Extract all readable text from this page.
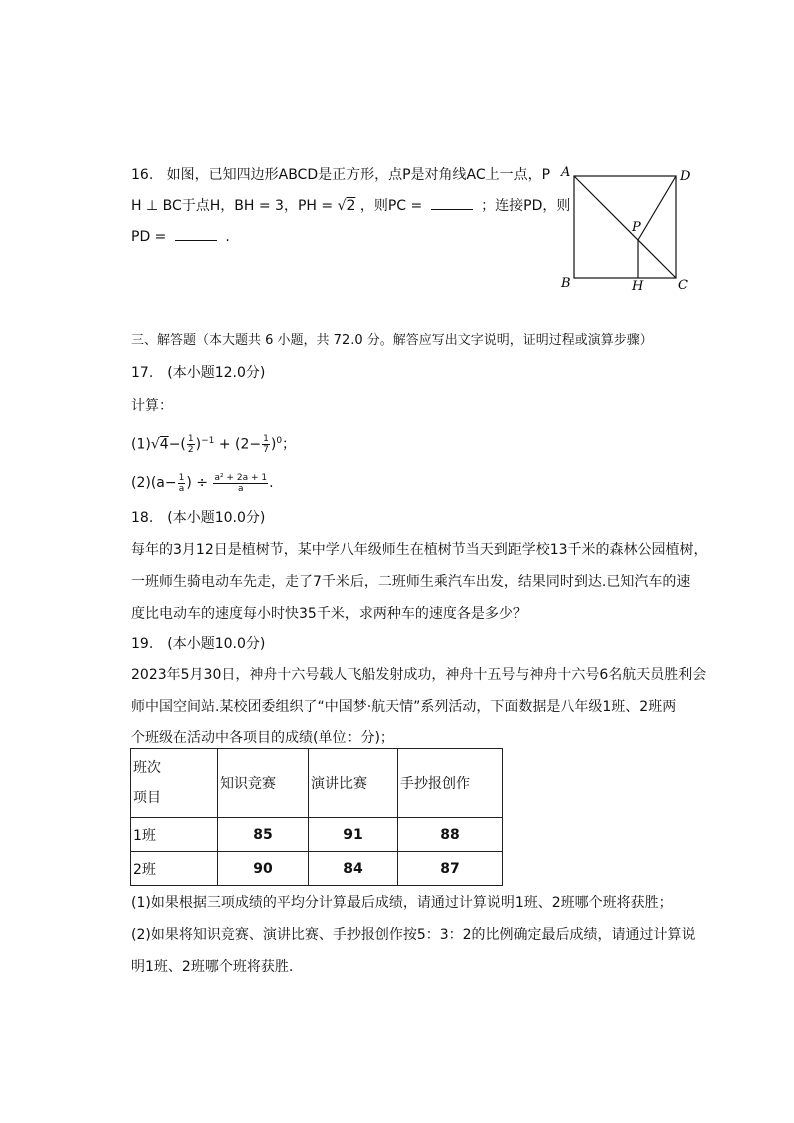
16. 如图，已知四边形ABCD是正方形，点P是对角线AC上一点，P
H ⊥ BC于点H，BH = 3，PH = √2 ，则PC =	；连接PD，则
PD =	.
A	D
P
B	H	C
三、解答题（本大题共 6 小题，共 72.0 分。解答应写出文字说明，证明过程或演算步骤）
17.　(本小题12.0分)
计算：
$(1)√4-( \frac{1}{2} )^{-1} + (2- \frac{1}{7} )^0$；
$(2)(a- \frac{1}{a}$ ) ÷ $\frac{\text{a² + 2a + 1}}{a}$ .
18.　(本小题10.0分)
每年的3月12日是植树节，某中学八年级师生在植树节当天到距学校13千米的森林公园植树，
一班师生骑电动车先走，走了7千米后，二班师生乘汽车出发，结果同时到达.已知汽车的速
度比电动车的速度每小时快35千米，求两种车的速度各是多少？
19.　(本小题10.0分)
2023年5月30日，神舟十六号载人飞船发射成功，神舟十五号与神舟十六号6名航天员胜利会
师中国空间站.某校团委组织了“中国梦·航天情”系列活动，下面数据是八年级1班、2班两
个班级在活动中各项目的成绩(单位：分)；
班次
项目	知识竞赛	演讲比赛	手抄报创作
1班	85	91	88
2班	90	84	87
(1)如果根据三项成绩的平均分计算最后成绩，请通过计算说明1班、2班哪个班将获胜；
(2)如果将知识竞赛、演讲比赛、手抄报创作按5：3：2的比例确定最后成绩，请通过计算说
明1班、2班哪个班将获胜.
